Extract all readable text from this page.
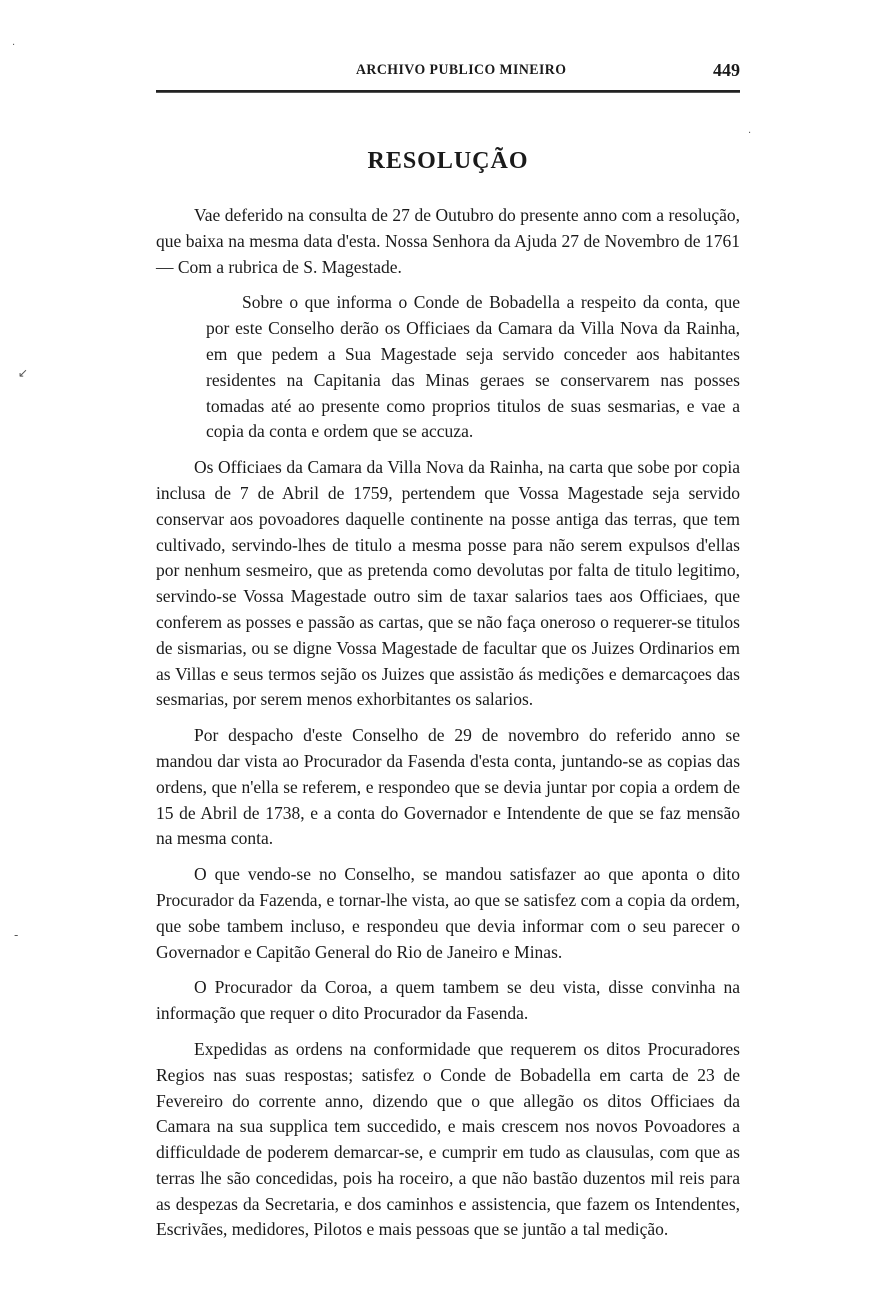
·
↙
‐
·
ARCHIVO PUBLICO MINEIRO	449
RESOLUÇÃO

Vae deferido na consulta de 27 de Outubro do presente anno com a resolução, que baixa na mesma data d'esta. Nossa Senhora da Ajuda 27 de Novembro de 1761 — Com a rubrica de S. Magestade.

Sobre o que informa o Conde de Bobadella a respeito da conta, que por este Conselho derão os Officiaes da Camara da Villa Nova da Rainha, em que pedem a Sua Magestade seja servido conceder aos habitantes residentes na Capitania das Minas geraes se conservarem nas posses tomadas até ao presente como proprios titulos de suas sesmarias, e vae a copia da conta e ordem que se accuza.

Os Officiaes da Camara da Villa Nova da Rainha, na carta que sobe por copia inclusa de 7 de Abril de 1759, pertendem que Vossa Magestade seja servido conservar aos povoadores daquelle continente na posse antiga das terras, que tem cultivado, servindo-lhes de titulo a mesma posse para não serem expulsos d'ellas por nenhum sesmeiro, que as pretenda como devolutas por falta de titulo legitimo, servindo-se Vossa Magestade outro sim de taxar salarios taes aos Officiaes, que conferem as posses e passão as cartas, que se não faça oneroso o requerer-se titulos de sismarias, ou se digne Vossa Magestade de facultar que os Juizes Ordinarios em as Villas e seus termos sejão os Juizes que assistão ás medições e demarcaçoes das sesmarias, por serem menos exhorbitantes os salarios.

Por despacho d'este Conselho de 29 de novembro do referido anno se mandou dar vista ao Procurador da Fasenda d'esta conta, juntando-se as copias das ordens, que n'ella se referem, e respondeo que se devia juntar por copia a ordem de 15 de Abril de 1738, e a conta do Governador e Intendente de que se faz mensão na mesma conta.

O que vendo-se no Conselho, se mandou satisfazer ao que aponta o dito Procurador da Fazenda, e tornar-lhe vista, ao que se satisfez com a copia da ordem, que sobe tambem incluso, e respondeu que devia informar com o seu parecer o Governador e Capitão General do Rio de Janeiro e Minas.

O Procurador da Coroa, a quem tambem se deu vista, disse convinha na informação que requer o dito Procurador da Fasenda.

Expedidas as ordens na conformidade que requerem os ditos Procuradores Regios nas suas respostas; satisfez o Conde de Bobadella em carta de 23 de Fevereiro do corrente anno, dizendo que o que allegão os ditos Officiaes da Camara na sua supplica tem succedido, e mais crescem nos novos Povoadores a difficuldade de poderem demarcar-se, e cumprir em tudo as clausulas, com que as terras lhe são concedidas, pois ha roceiro, a que não bastão duzentos mil reis para as despezas da Secretaria, e dos caminhos e assistencia, que fazem os Intendentes, Escrivães, medidores, Pilotos e mais pessoas que se juntão a tal medição.
